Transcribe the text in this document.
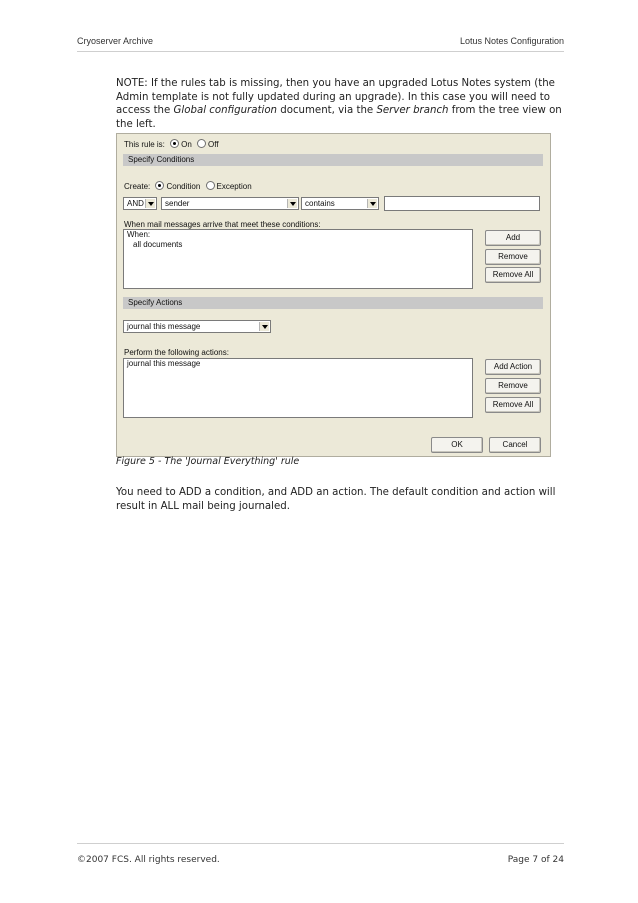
Cryoserver Archive	Lotus Notes Configuration
NOTE: If the rules tab is missing, then you have an upgraded Lotus Notes system (the Admin template is not fully updated during an upgrade). In this case you will need to access the Global configuration document, via the Server branch from the tree view on the left.
This rule is: On Off
Specify Conditions
Create: Condition Exception
AND	sender	contains
When mail messages arrive that meet these conditions:
When:
all documents
Add
Remove
Remove All
Specify Actions
journal this message
Perform the following actions:
journal this message	Add Action
Remove
Remove All
OK	Cancel
Figure 5 - The 'Journal Everything' rule
You need to ADD a condition, and ADD an action. The default condition and action will result in ALL mail being journaled.
©2007 FCS. All rights reserved.	Page 7 of 24
